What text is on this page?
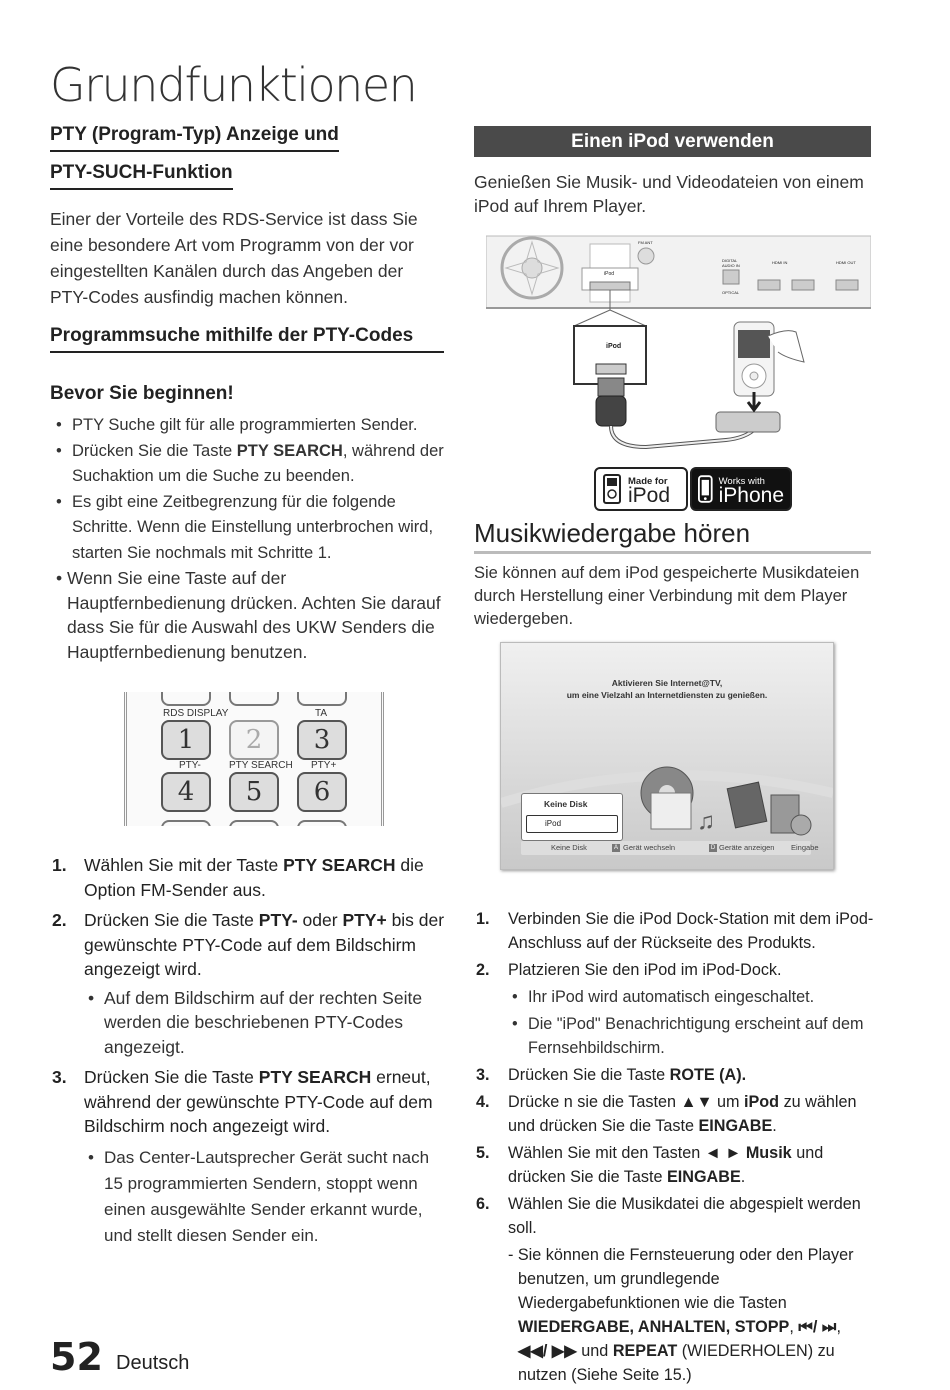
Grundfunktionen
PTY (Program-Typ) Anzeige und
PTY-SUCH-Funktion
Einer der Vorteile des RDS-Service ist dass Sie eine besondere Art vom Programm von der vor eingestellten Kanälen durch das Angeben der PTY-Codes ausfindig machen können.
Programmsuche mithilfe der PTY-Codes
Bevor Sie beginnen!
• PTY Suche gilt für alle programmierten Sender.
• Drücken Sie die Taste PTY SEARCH, während der Suchaktion um die Suche zu beenden.
• Es gibt eine Zeitbegrenzung für die folgende Schritte. Wenn die Einstellung unterbrochen wird, starten Sie nochmals mit Schritte 1.
• Wenn Sie eine Taste auf der Hauptfernbedienung drücken. Achten Sie darauf dass Sie für die Auswahl des UKW Senders die Hauptfernbedienung benutzen.
RDS DISPLAY	TA
1	2	3
PTY-	PTY SEARCH PTY+
4	5	6
1. Wählen Sie mit der Taste PTY SEARCH die Option FM-Sender aus.
2. Drücken Sie die Taste PTY- oder PTY+ bis der gewünschte PTY-Code auf dem Bildschirm angezeigt wird.
• Auf dem Bildschirm auf der rechten Seite werden die beschriebenen PTY-Codes angezeigt.
3. Drücken Sie die Taste PTY SEARCH erneut, während der gewünschte PTY-Code auf dem Bildschirm noch angezeigt wird.
• Das Center-Lautsprecher Gerät sucht nach 15 programmierten Sendern, stoppt wenn einen ausgewählte Sender erkannt wurde, und stellt diesen Sender ein.
Einen iPod verwenden
Genießen Sie Musik- und Videodateien von einem iPod auf Ihrem Player.
iPod
iPod
OPTICAL
HDMI IN	HDMI OUT
DIGITAL AUDIO IN
FM ANT
Made for
iPod
Works with
iPhone
Musikwiedergabe hören
Sie können auf dem iPod gespeicherte Musikdateien durch Herstellung einer Verbindung mit dem Player wiedergeben.
Aktivieren Sie Internet@TV,
um eine Vielzahl an Internetdiensten zu genießen.
♫
Keine Disk
iPod
Keine Disk	A Gerät wechseln	D Geräte anzeigen Eingabe
1. Verbinden Sie die iPod Dock-Station mit dem iPod-Anschluss auf der Rückseite des Produkts.
2. Platzieren Sie den iPod im iPod-Dock.
• Ihr iPod wird automatisch eingeschaltet.
• Die "iPod" Benachrichtigung erscheint auf dem Fernsehbildschirm.
3. Drücken Sie die Taste ROTE (A).
4. Drücke n sie die Tasten ▲▼ um iPod zu wählen und drücken Sie die Taste EINGABE.
5. Wählen Sie mit den Tasten ◄ ► Musik und drücken Sie die Taste EINGABE.
6. Wählen Sie die Musikdatei die abgespielt werden soll.
- Sie können die Fernsteuerung oder den Player benutzen, um grundlegende Wiedergabefunktionen wie die Tasten WIEDERGABE, ANHALTEN, STOPP, ⏮/ ⏭, ◀◀/ ▶▶ und REPEAT (WIEDERHOLEN) zu nutzen (Siehe Seite 15.)
52 Deutsch
